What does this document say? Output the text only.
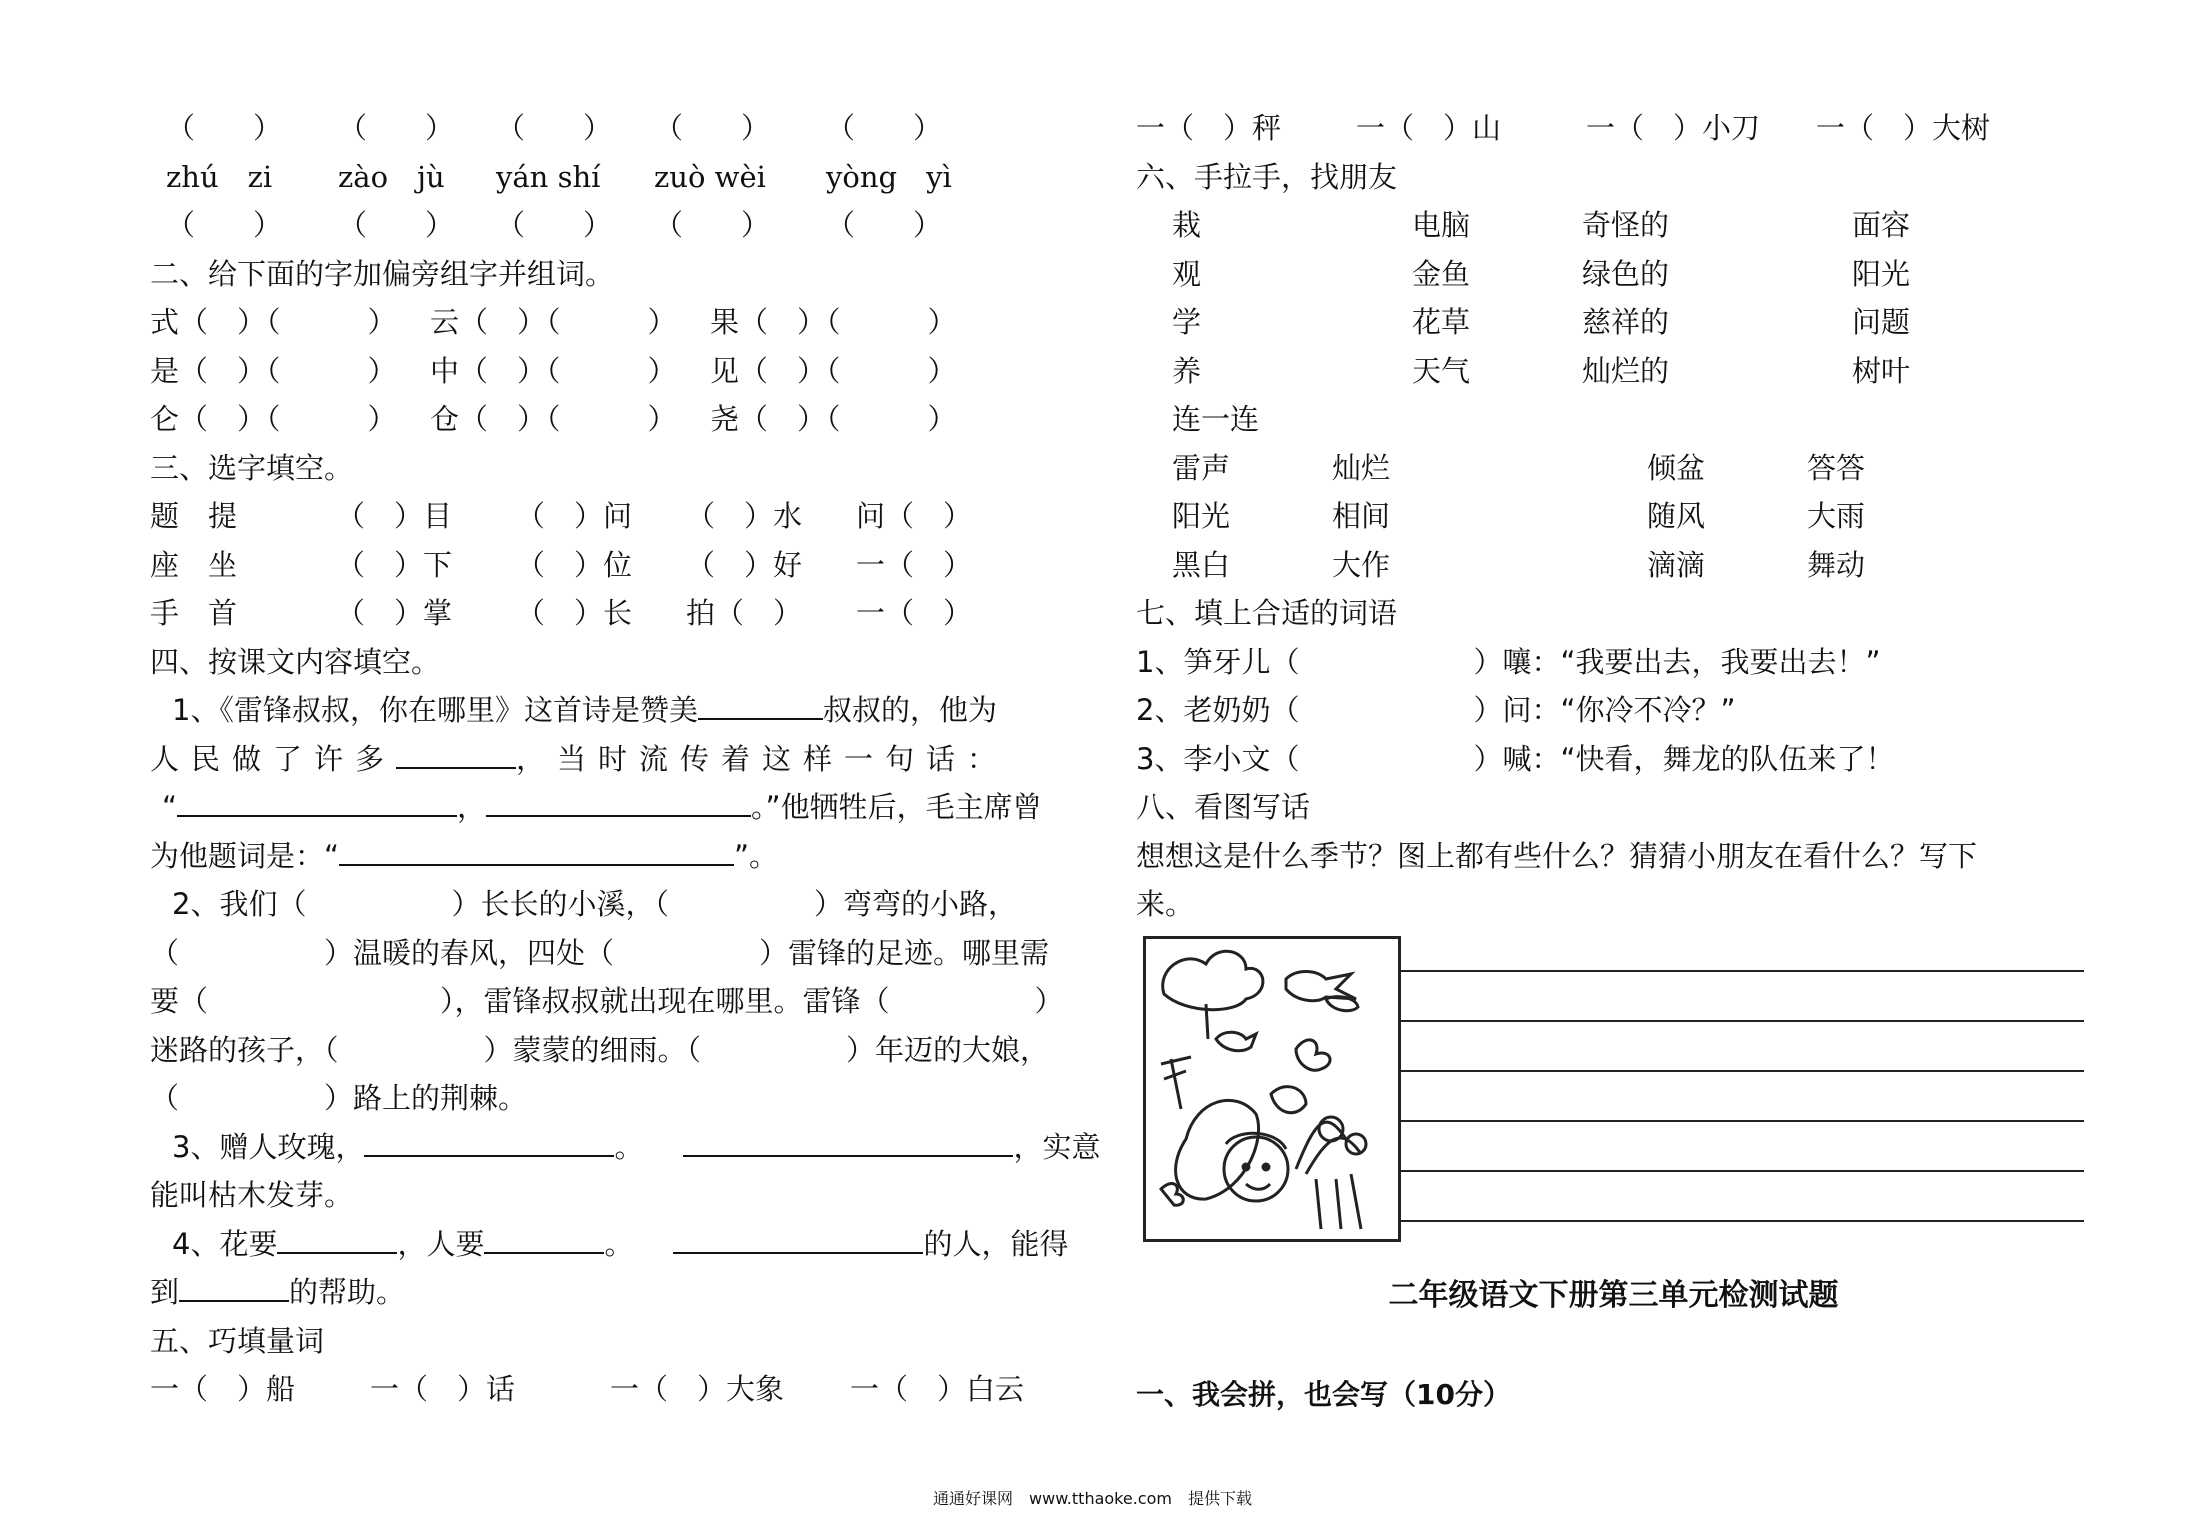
（　　）	（　　）	（　　）	（　　）	（　　）
zhú　zi	zào　jù	yán shí	zuò wèi	yòng　yì
（　　）	（　　）	（　　）	（　　）	（　　）
二、给下面的字加偏旁组字并组词。
式（　）（　　　）	云（　）（　　　）	果（　）（　　　）
是（　）（　　　）	中（　）（　　　）	见（　）（　　　）
仑（　）（　　　）	仓（　）（　　　）	尧（　）（　　　）
三、选字填空。
题　提	（　）目	（　）问	（　）水	问（　）
座　坐	（　）下	（　）位	（　）好	一（　）
手　首	（　）掌	（　）长	拍（　）	一（　）
四、按课文内容填空。
1、《雷锋叔叔，你在哪里》这首诗是赞美	叔叔的，他为
人民做了许多	，当时流传着这样一句话：
“	，	。”他牺牲后，毛主席曾
为他题词是：“	”。
2、我们（　　　　　）长长的小溪，（　　　　　）弯弯的小路，
（　　　　　）温暖的春风，四处（　　　　　）雷锋的足迹。哪里需
要（　　　　　　　　），雷锋叔叔就出现在哪里。雷锋（　　　　　）
迷路的孩子，（　　　　　）蒙蒙的细雨。（　　　　　）年迈的大娘，
（　　　　　）路上的荆棘。
3、赠人玫瑰，	。	，实意
能叫枯木发芽。
4、花要	，人要	。	的人，能得
到	的帮助。
五、巧填量词
一（　）船	一（　）话	一（　）大象	一（　）白云
一（　）秤	一（　）山	一（　）小刀	一（　）大树
六、手拉手，找朋友
栽	电脑	奇怪的	面容
观	金鱼	绿色的	阳光
学	花草	慈祥的	问题
养	天气	灿烂的	树叶
连一连
雷声	灿烂	倾盆	答答
阳光	相间	随风	大雨
黑白	大作	滴滴	舞动
七、填上合适的词语
1、笋牙儿（　　　　　　）嚷：“我要出去，我要出去！”
2、老奶奶（　　　　　　）问：“你冷不冷？”
3、李小文（　　　　　　）喊：“快看，舞龙的队伍来了！
八、看图写话
想想这是什么季节？图上都有些什么？猜猜小朋友在看什么？写下
来。
二年级语文下册第三单元检测试题
一、我会拼，也会写（10分）
通通好课网　www.tthaoke.com　提供下载
